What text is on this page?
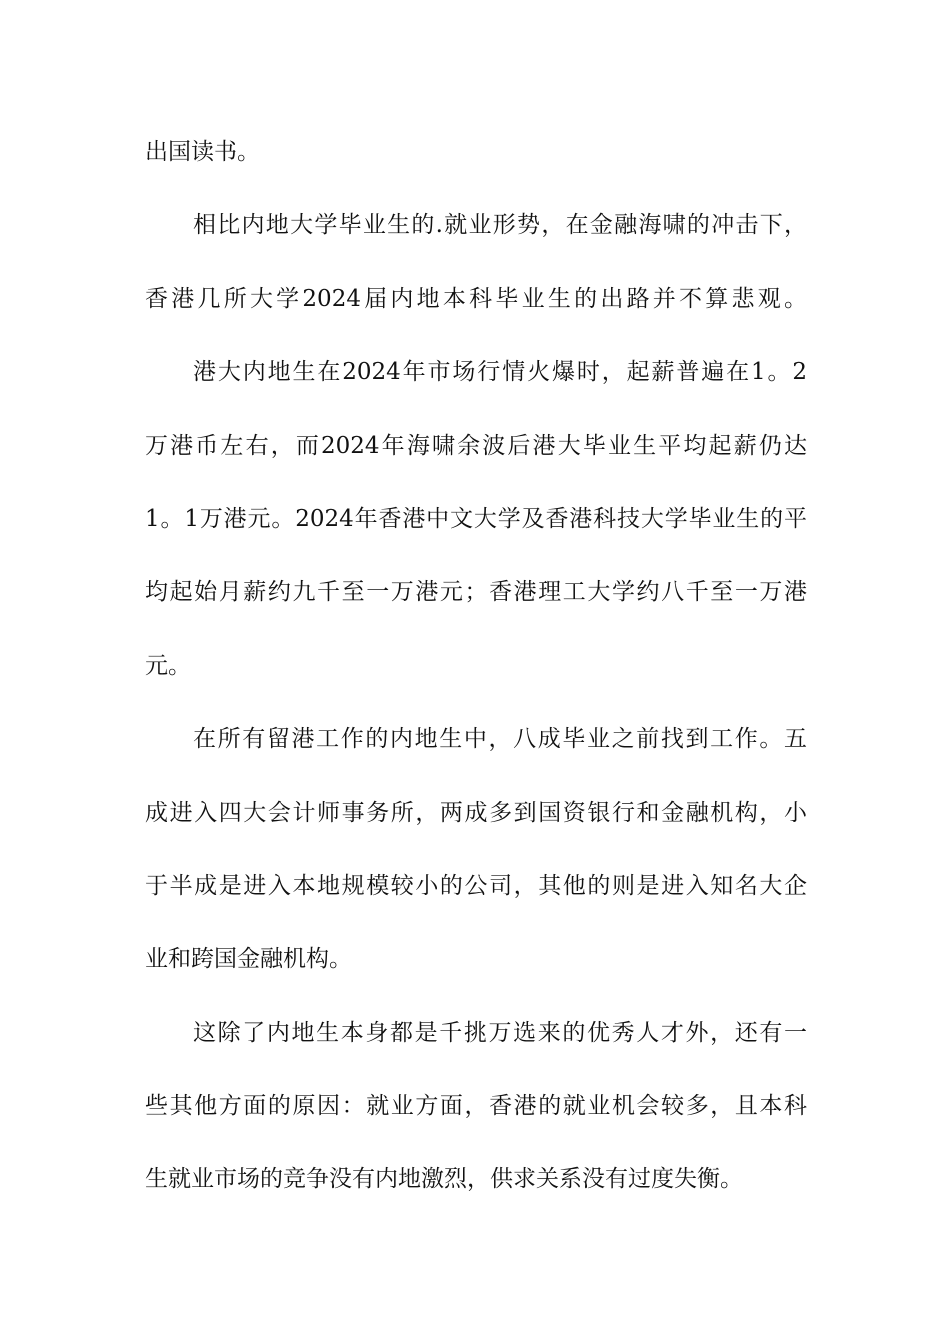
出国读书。
相比内地大学毕业生的.就业形势，在金融海啸的冲击下，
香港几所大学2024届内地本科毕业生的出路并不算悲观。
港大内地生在2024年市场行情火爆时，起薪普遍在1。2
万港币左右，而2024年海啸余波后港大毕业生平均起薪仍达
1。1万港元。2024年香港中文大学及香港科技大学毕业生的平
均起始月薪约九千至一万港元；香港理工大学约八千至一万港
元。
在所有留港工作的内地生中，八成毕业之前找到工作。五
成进入四大会计师事务所，两成多到国资银行和金融机构，小
于半成是进入本地规模较小的公司，其他的则是进入知名大企
业和跨国金融机构。
这除了内地生本身都是千挑万选来的优秀人才外，还有一
些其他方面的原因：就业方面，香港的就业机会较多，且本科
生就业市场的竞争没有内地激烈，供求关系没有过度失衡。
